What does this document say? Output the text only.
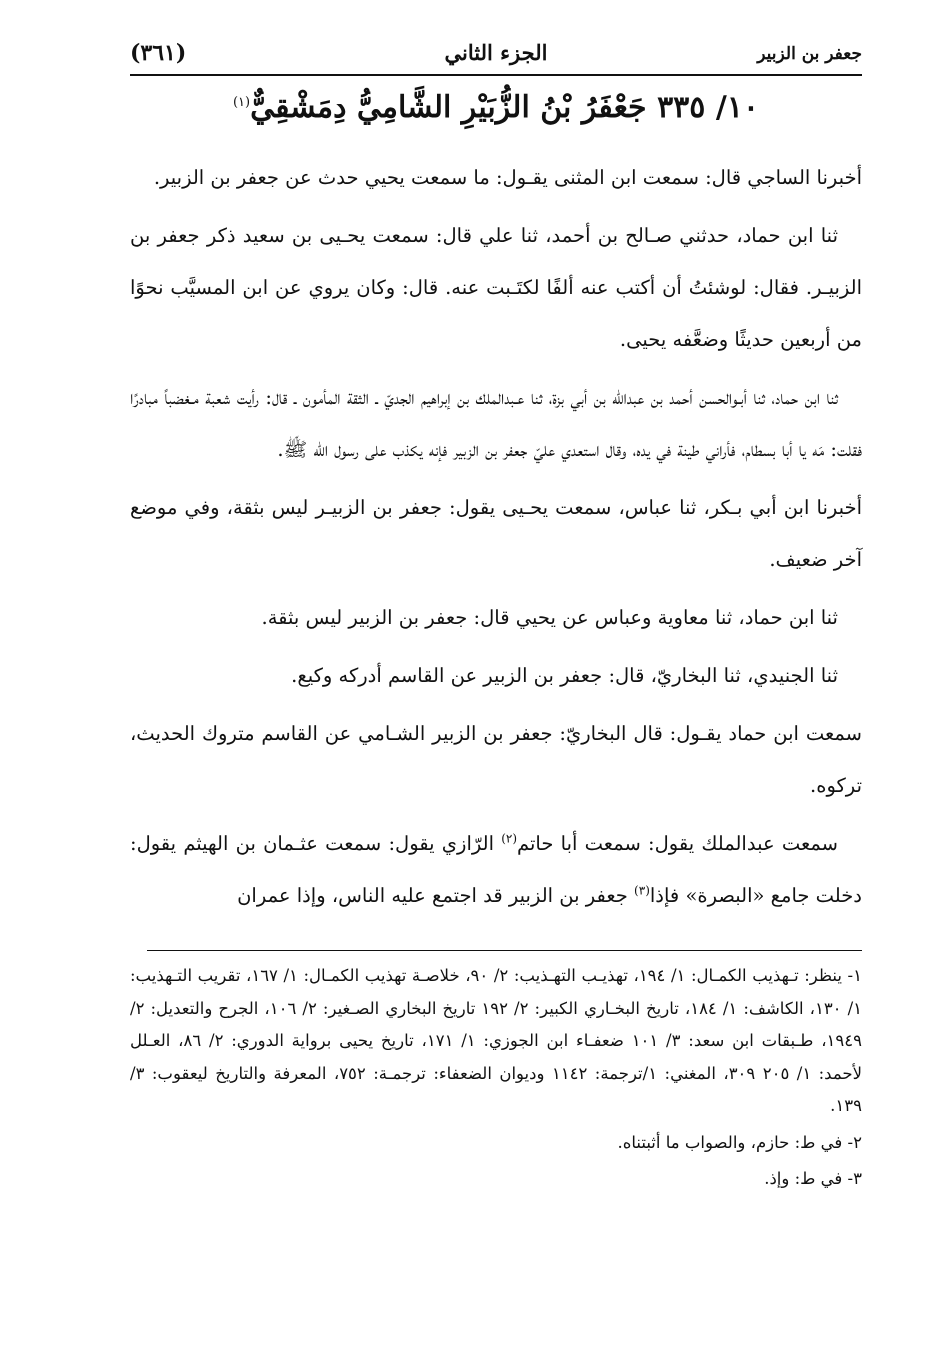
جعفر بن الزبير
الجزء الثاني
(٣٦١)
١٠/ ٣٣٥ جَعْفَرُ بْنُ الزُّبَيْرِ الشَّامِيُّ دِمَشْقِيٌّ$^{(١)}$

أخبرنا الساجي قال: سمعت ابن المثنى يقـول: ما سمعت يحيي حدث عن جعفر بن الزبير.

ثنا ابن حماد، حدثني صـالح بن أحمد، ثنا علي قال: سمعت يحـيى بن سعيد ذكر جعفر بن الزبيـر. فقال: لوشئتُ أن أكتب عنه ألفًا لكتَـبت عنه. قال: وكان يروي عن ابن المسيَّب نحوًا من أربعين حديثًا وضعَّفه يحيى.

ثنا ابن حماد، ثنا أبـوالحسن أحمد بن عبدالله بن أبي بزة، ثنا عـبدالملك بن إبراهيم الجديّ ـ الثقة المأمون ـ قال: رأيت شعبة مـغضباً مبادرًا فقلت: مَه يا أبا بسطام، فأراني طينة في يده، وقال استعدي عليّ جعفر بن الزبير فإنه يكذب على رسول الله ﷺ.

أخبرنا ابن أبي بـكر، ثنا عباس، سمعت يحـيى يقول: جعفر بن الزبيـر ليس بثقة، وفي موضع آخر ضعيف.

ثنا ابن حماد، ثنا معاوية وعباس عن يحيي قال: جعفر بن الزبير ليس بثقة.

ثنا الجنيدي، ثنا البخاريّ، قال: جعفر بن الزبير عن القاسم أدركه وكيع.

سمعت ابن حماد يقـول: قال البخاريّ: جعفر بن الزبير الشـامي عن القاسم متروك الحديث، تركوه.

سمعت عبدالملك يقول: سمعت أبا حاتم$^{(٢)}$ الرّازي يقول: سمعت عثـمان بن الهيثم يقول: دخلت جامع «البصرة» فإذا$^{(٣)}$ جعفر بن الزبير قد اجتمع عليه الناس، وإذا عمران

١- ينظر: تـهذيب الكمـال: ١/ ١٩٤، تهذيـب التهـذيب: ٢/ ٩٠، خلاصـة تهذيب الكمـال: ١/ ١٦٧، تقريب التـهذيب: ١/ ١٣٠، الكاشف: ١/ ١٨٤، تاريخ البخـاري الكبير: ٢/ ١٩٢ تاريخ البخاري الصـغير: ٢/ ١٠٦، الجرح والتعديل: ٢/ ١٩٤٩، طـبقات ابن سعد: ٣/ ١٠١ ضعفـاء ابن الجوزي: ١/ ١٧١، تاريخ يحيى برواية الدوري: ٢/ ٨٦، العـلل لأحمد: ١/ ٢٠٥ ٣٠٩، المغني: ١/ترجمة: ١١٤٢ وديوان الضعفاء: ترجمـة: ٧٥٢، المعرفة والتاريخ ليعقوب: ٣/ ١٣٩.
٢- في ط: حازم، والصواب ما أثبتناه.
٣- في ط: وإذ.
